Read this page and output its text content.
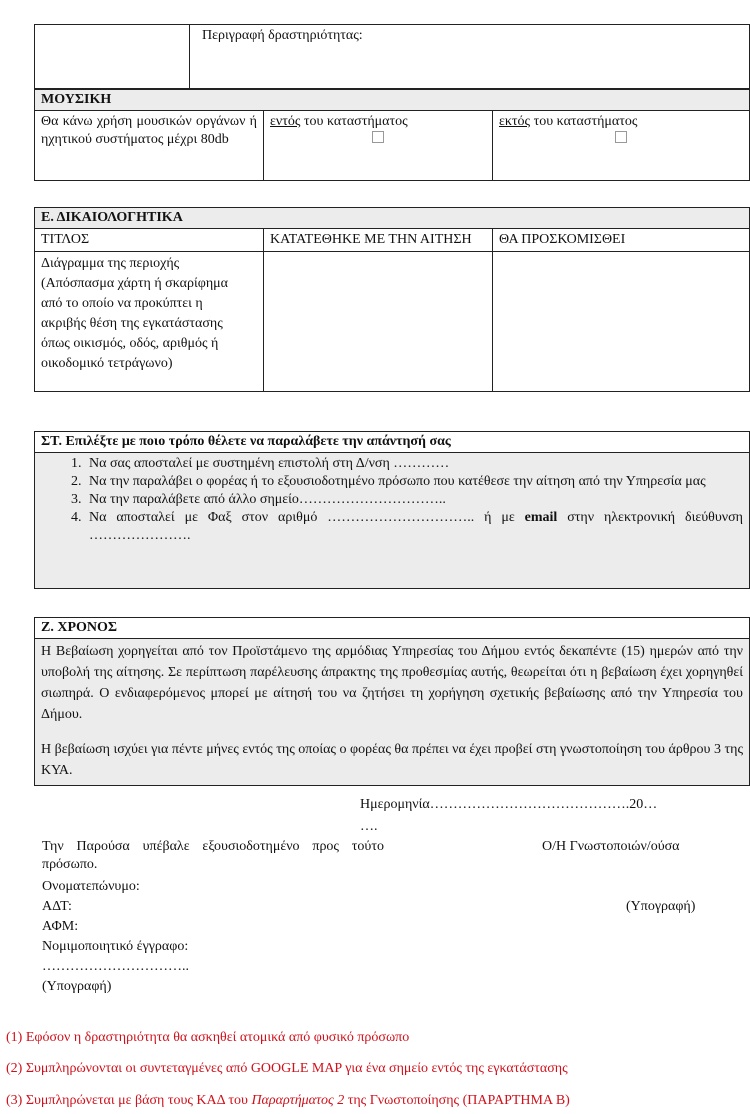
	Περιγραφή δραστηριότητας:
ΜΟΥΣΙΚΗ
Θα κάνω χρήση μουσικών οργάνων ή ηχητικού συστήματος μέχρι 80db	
εντός του καταστήματος	εκτός του καταστήματος
Ε. ΔΙΚΑΙΟΛΟΓΗΤΙΚΑ		
ΤΙΤΛΟΣ	ΚΑΤΑΤΕΘΗΚΕ ΜΕ ΤΗΝ ΑΙΤΗΣΗ	ΘΑ ΠΡΟΣΚΟΜΙΣΘΕΙ
Διάγραμμα της περιοχής (Απόσπασμα χάρτη ή σκαρίφημα από το οποίο να προκύπτει η ακριβής θέση της εγκατάστασης όπως οικισμός, οδός, αριθμός ή οικοδομικό τετράγωνο)		
ΣΤ. Επιλέξτε με ποιο τρόπο θέλετε να παραλάβετε την απάντησή σας

1. Να σας αποσταλεί με συστημένη επιστολή στη Δ/νση …………
2. Να την παραλάβει ο φορέας ή το εξουσιοδοτημένο πρόσωπο που κατέθεσε την αίτηση από την Υπηρεσία μας
3. Να την παραλάβετε από άλλο σημείο…………………………..
4. Να αποσταλεί με Φαξ στον αριθμό ………………………….. ή με email στην ηλεκτρονική διεύθυνση ………………….
Ζ. ΧΡΟΝΟΣ

Η Βεβαίωση χορηγείται από τον Προϊστάμενο της αρμόδιας Υπηρεσίας του Δήμου εντός δεκαπέντε (15) ημερών από την υποβολή της αίτησης. Σε περίπτωση παρέλευσης άπρακτης της προθεσμίας αυτής, θεωρείται ότι η βεβαίωση έχει χορηγηθεί σιωπηρά. Ο ενδιαφερόμενος μπορεί με αίτησή του να ζητήσει τη χορήγηση σχετικής βεβαίωσης από την Υπηρεσία του Δήμου.
Η βεβαίωση ισχύει για πέντε μήνες εντός της οποίας ο φορέας θα πρέπει να έχει προβεί στη γνωστοποίηση του άρθρου 3 της ΚΥΑ.
Ημερομηνία…………………………………….20…
….
Την Παρούσα υπέβαλε εξουσιοδοτημένο προς τούτο πρόσωπο.
Ονοματεπώνυμο:
ΑΔΤ:
ΑΦΜ:
Νομιμοποιητικό έγγραφο:
…………………………..
(Υπογραφή)
Ο/Η Γνωστοποιών/ούσα
(Υπογραφή)
(1) Εφόσον η δραστηριότητα θα ασκηθεί ατομικά από φυσικό πρόσωπο
(2) Συμπληρώνονται οι συντεταγμένες από GOOGLE MAP για ένα σημείο εντός της εγκατάστασης
(3) Συμπληρώνεται με βάση τους ΚΑΔ του Παραρτήματος 2 της Γνωστοποίησης (ΠΑΡΑΡΤΗΜΑ Β)
